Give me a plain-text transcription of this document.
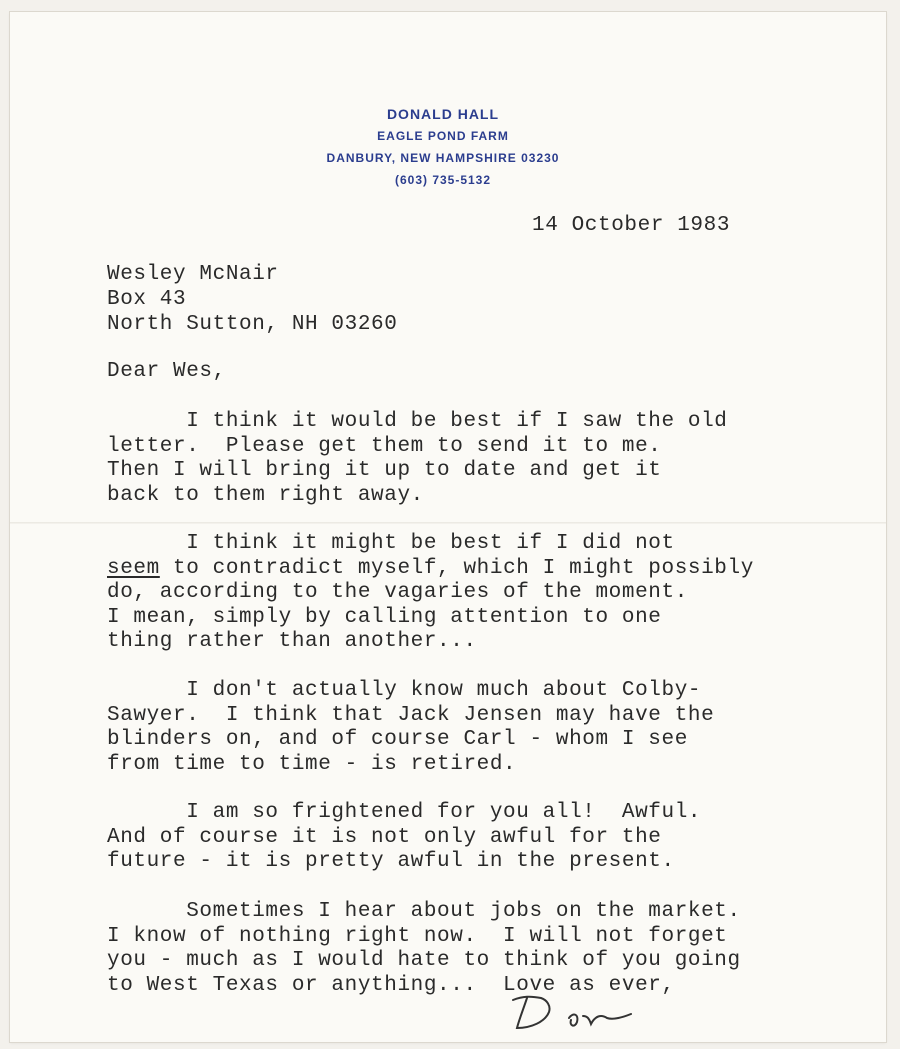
DONALD HALL
EAGLE POND FARM
DANBURY, NEW HAMPSHIRE 03230
(603) 735-5132
14 October 1983
Wesley McNair
Box 43
North Sutton, NH 03260
Dear Wes,
I think it would be best if I saw the old
letter.  Please get them to send it to me.
Then I will bring it up to date and get it
back to them right away.
I think it might be best if I did not
seem to contradict myself, which I might possibly
do, according to the vagaries of the moment.
I mean, simply by calling attention to one
thing rather than another...
I don't actually know much about Colby-
Sawyer.  I think that Jack Jensen may have the
blinders on, and of course Carl - whom I see
from time to time - is retired.
I am so frightened for you all!  Awful.
And of course it is not only awful for the
future - it is pretty awful in the present.
Sometimes I hear about jobs on the market.
I know of nothing right now.  I will not forget
you - much as I would hate to think of you going
to West Texas or anything...  Love as ever,
